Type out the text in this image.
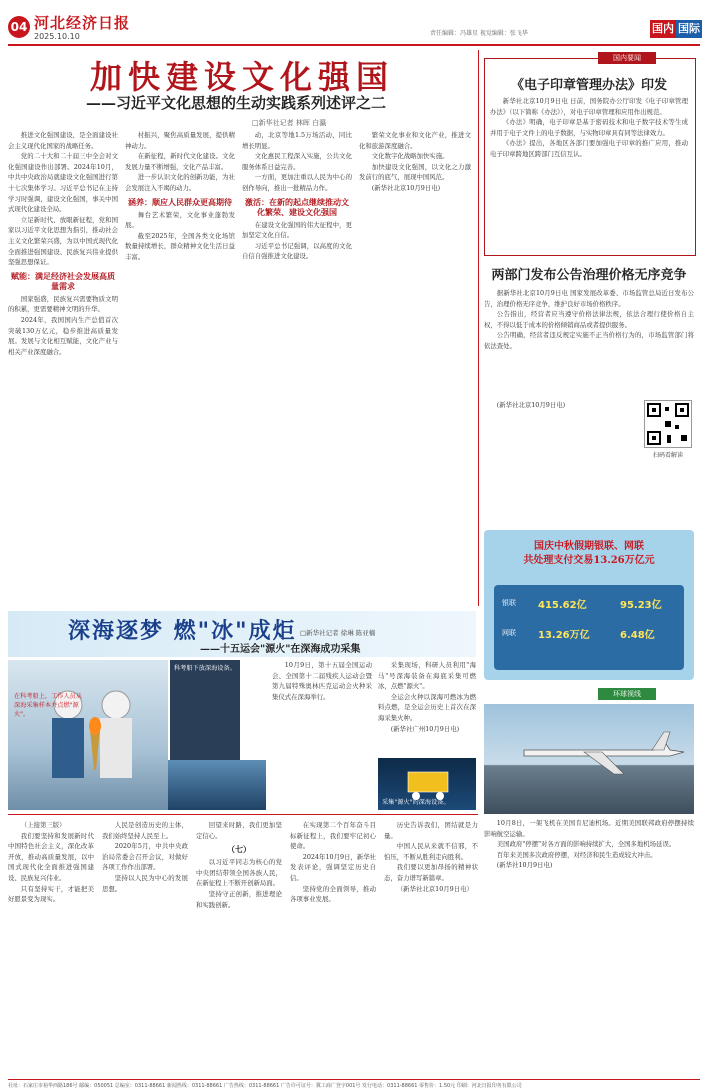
04 河北经济日报
2025.10.10	责任编辑：冯雄星 视觉编辑：张飞华	国内 国际
加快建设文化强国
——习近平文化思想的生动实践系列述评之二
□新华社记者 林晖 白瀛

推进文化强国建设，是全面建设社会主义现代化国家的战略任务。

党的二十大和二十届三中全会对文化强国建设作出部署。2024年10月，中共中央政治局就建设文化强国进行第十七次集体学习。习近平总书记在主持学习时强调，建设文化强国，事关中国式现代化建设全局。

立足新时代、放眼新征程，党和国家以习近平文化思想为指引，推动社会主义文化繁荣兴盛，为以中国式现代化全面推进强国建设、民族复兴伟业提供坚强思想保证。

赋能：满足经济社会发展高质量需求

国家强盛，民族复兴需要物质文明的积累，更需要精神文明的升华。

2024年，我国国内生产总值首次突破130万亿元，稳步推进高质量发展。发展与文化相互赋能，文化产业与相关产业深度融合。

村振兴，聚焦高质量发展，提供精神动力。

在新征程，新时代文化建设。文化发展力量不断增强，文化产品丰富。

进一步认识文化的创新功能，为社会发展注入不竭的动力。

涵养：顺应人民群众更高期待

舞台艺术繁荣，文化事业蓬勃发展。

截至2025年，全国各类文化场馆数量持续增长，群众精神文化生活日益丰富。

动，北京等地1.5万场活动，同比增长明显。

文化惠民工程深入实施，公共文化服务体系日益完善。

一方面，更加注重以人民为中心的创作导向，推出一批精品力作。

激活：在新的起点继续推动文化繁荣、建设文化强国

在建设文化强国的伟大征程中，更加坚定文化自信。

习近平总书记强调，以高度的文化自信自强推进文化建设。

繁荣文化事业和文化产业，推进文化和旅游深度融合。

文化数字化战略加快实施。

加快建设文化强国，以文化之力激发前行的底气，展现中国风范。

(新华社北京10月9日电)

国内要闻
《电子印章管理办法》印发

新华社北京10月9日电 日前，国务院办公厅印发《电子印章管理办法》（以下简称《办法》），对电子印章管理和应用作出规范。

《办法》明确，电子印章是基于密码技术和电子数字技术等生成并用于电子文件上的电子数据，与实物印章具有同等法律效力。

《办法》提出，各地区各部门要加强电子印章的推广应用，推动电子印章跨地区跨部门互信互认。

两部门发布公告治理价格无序竞争

据新华社北京10月9日电 国家发展改革委、市场监管总局近日发布公告，治理价格无序竞争，维护良好市场价格秩序。

公告指出，经营者应当遵守价格法律法规，依法合理行使价格自主权，不得以低于成本的价格倾销商品或者提供服务。

公告明确，经营者违反规定实施不正当价格行为的，市场监管部门将依法查处。

(新华社北京10月9日电)

扫码看解读
国庆中秋假期银联、网联
共处理支付交易13.26万亿元
银联 415.62亿	95.23亿
网联 13.26万亿	6.48亿
环球视线

10月8日，一架飞机在美国肯尼迪机场。近期美国联邦政府停摆持续影响航空运输。

美国政府"停摆"对各方面的影响持续扩大，全国多地机场延误。

百年来美国多次政府停摆，对经济和民生造成较大冲击。

(新华社10月9日电)

深海逐梦 燃"冰"成炬
——十五运会"源火"在深海成功采集
□新华社记者 徐琳 陈亚楠
在科考船上，工作人员从深海采集样本并点燃"源火"。
科考船下放深海设备。	10月9日，第十五届全国运动会、全国第十二届残疾人运动会暨第九届特殊奥林匹克运动会火种采集仪式在深海举行。

采集现场，科研人员利用"海马"号深海装备在海底采集可燃冰，点燃"源火"。

全运会火种以深海可燃冰为燃料点燃，是全运会历史上首次在深海采集火种。

(新华社广州10月9日电)

采集"源火"的深海设备。

（上接第三版）

我们要坚持和发展新时代中国特色社会主义，深化改革开放，推动高质量发展，以中国式现代化全面推进强国建设、民族复兴伟业。

只有坚持实干，才能把美好愿景变为现实。

人民是创造历史的主体，我们始终坚持人民至上。

2020年5月，中共中央政治局常委会召开会议，对做好各项工作作出部署。

坚持以人民为中心的发展思想。

回望来时路，我们更加坚定信心。

（七）

以习近平同志为核心的党中央团结带领全国各族人民，在新征程上不断开创新局面。

坚持守正创新，推进理论和实践创新。

在实现第二个百年奋斗目标新征程上，我们要牢记初心使命。

2024年10月9日，新华社发表评论，强调坚定历史自信。

坚持党的全面领导，推动各项事业发展。

历史告诉我们，团结就是力量。

中国人民从来就不信邪，不怕压，不断从胜利走向胜利。

我们要以更加昂扬的精神状态，奋力谱写新篇章。

（新华社北京10月9日电）

社址：石家庄市裕华西路186号 邮编：050051 总编室：0311-88661 新闻热线：0311-88661 广告热线：0311-88661 广告许可证号：冀工商广登字001号 发行电话：0311-88661 零售价：1.50元 印刷：河北日报印务有限公司
